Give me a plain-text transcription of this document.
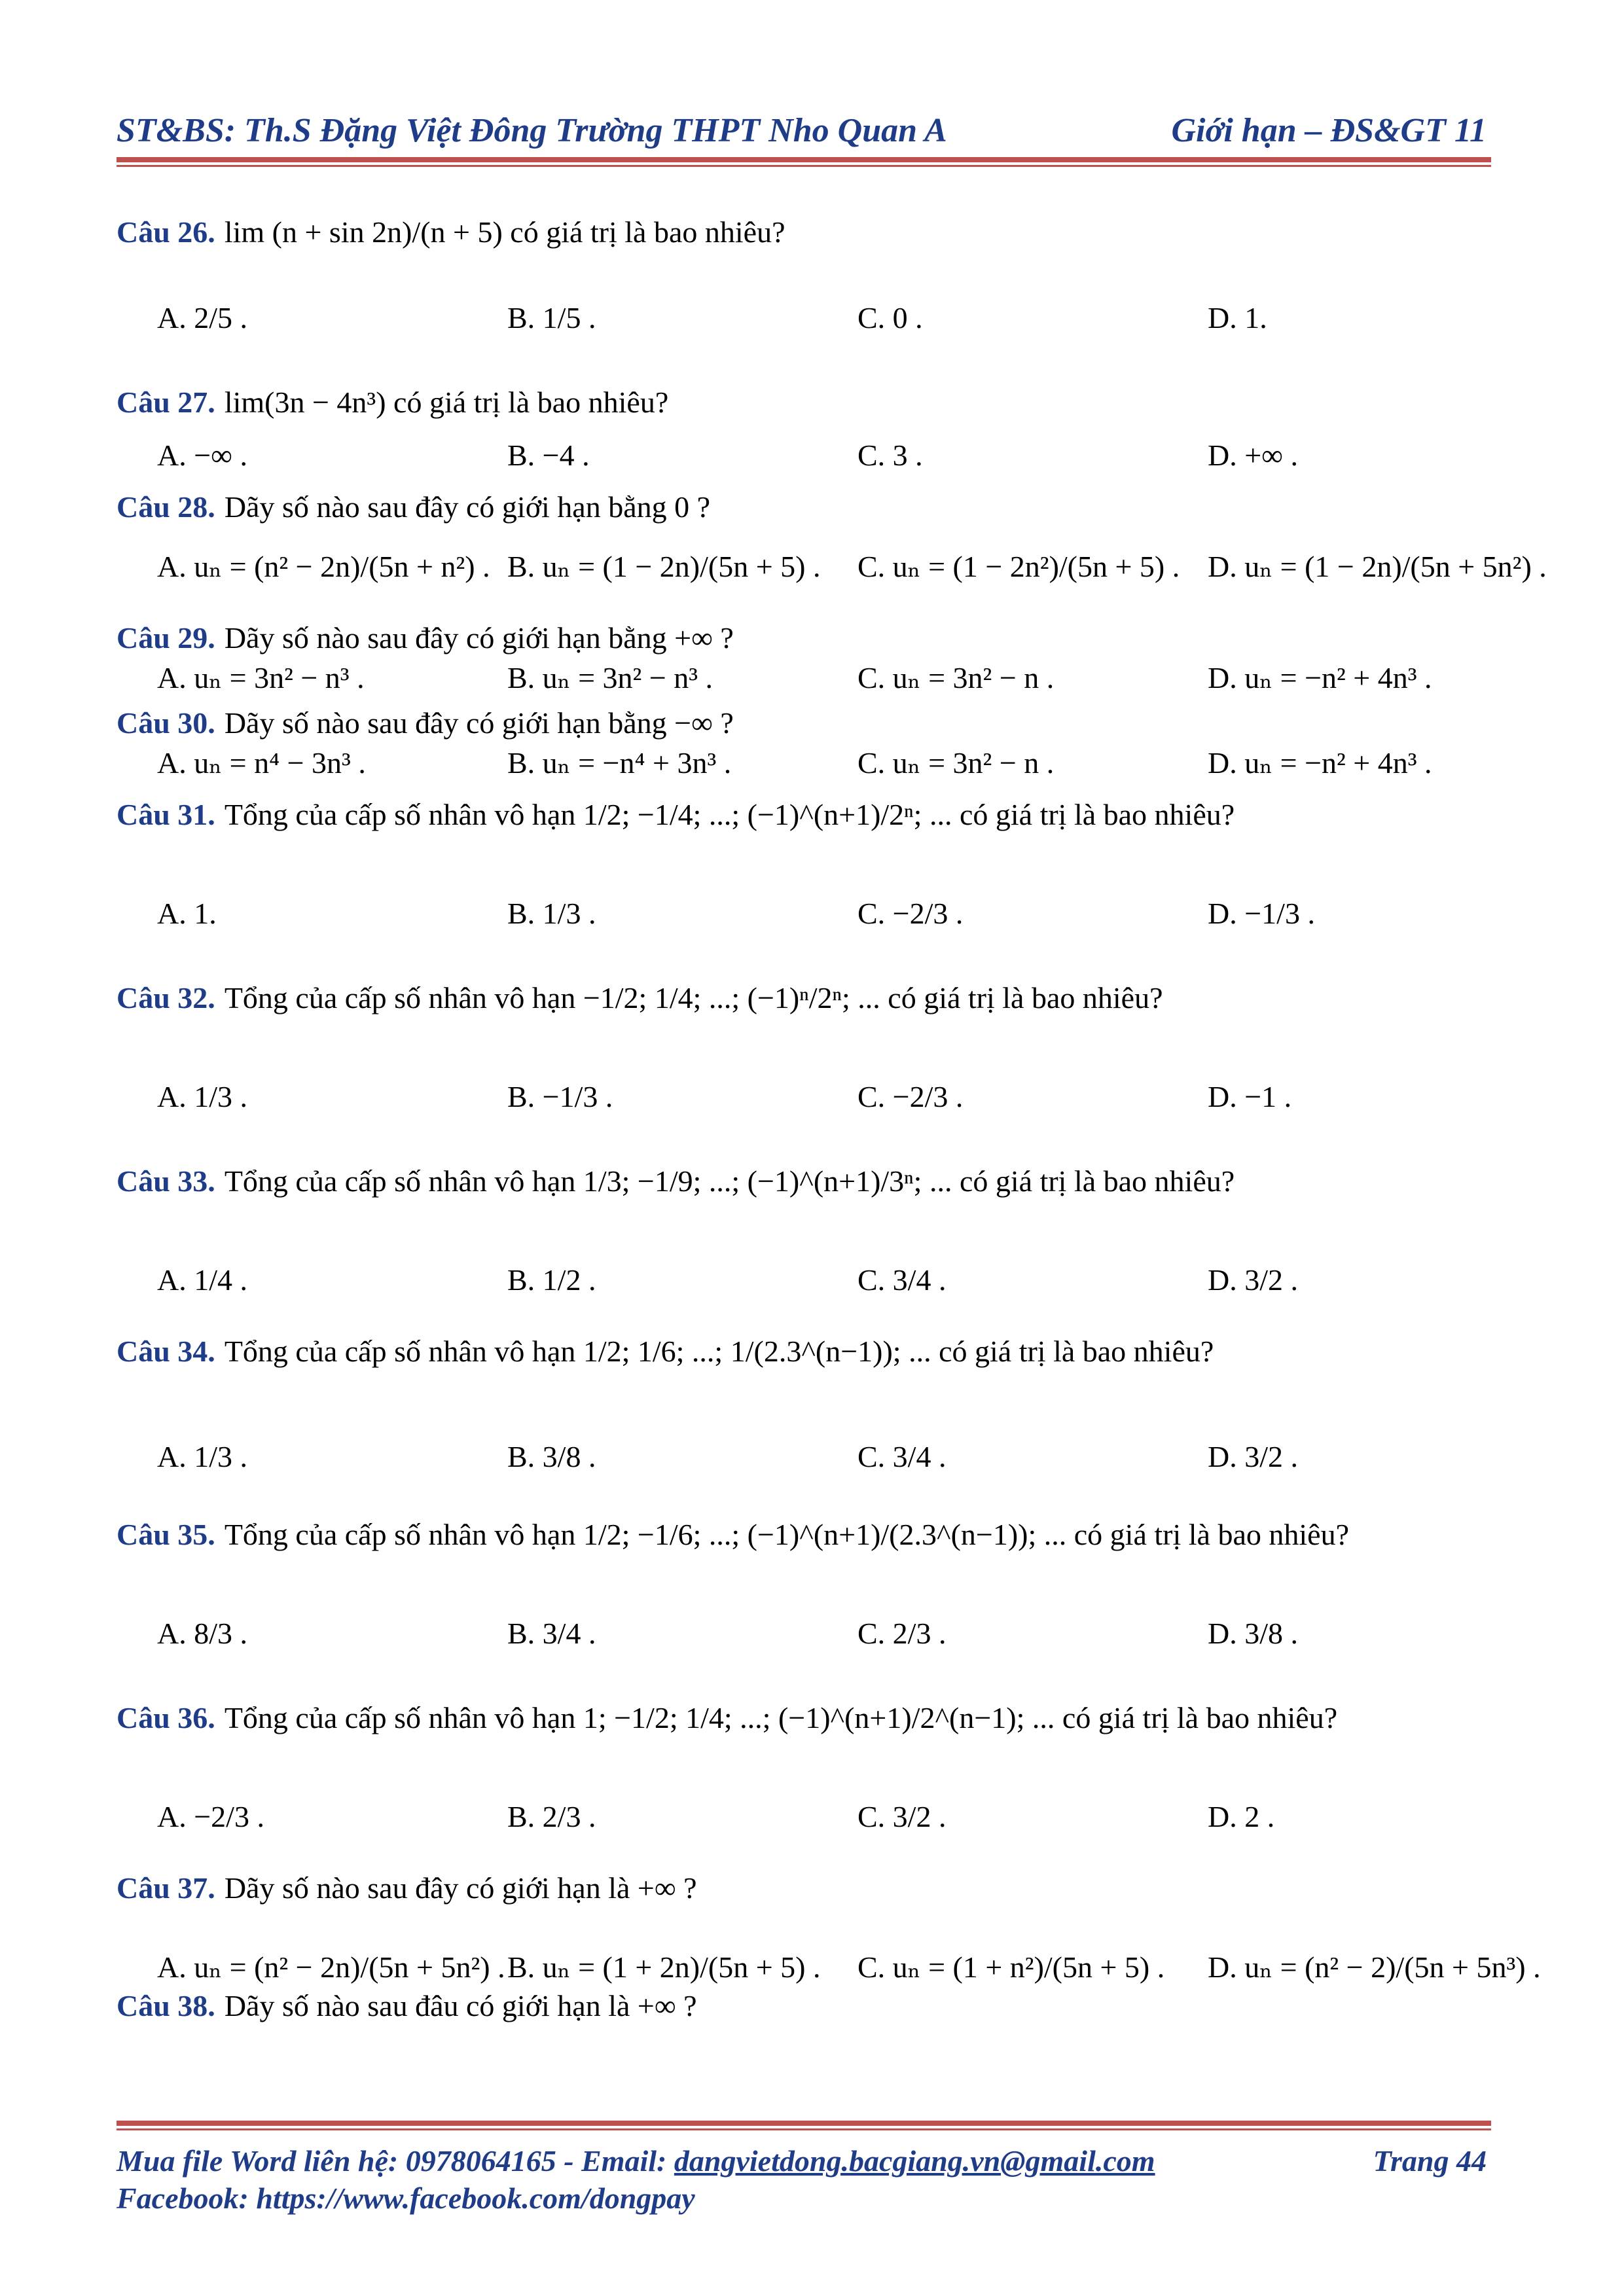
ST&BS: Th.S Đặng Việt Đông Trường THPT Nho Quan A	Giới hạn – ĐS&GT 11
Câu 26. lim (n + sin 2n)/(n + 5) có giá trị là bao nhiêu?
A. 2/5 .	B. 1/5 .	C. 0 .	D. 1.
Câu 27. lim(3n − 4n³) có giá trị là bao nhiêu?
A. −∞ .	B. −4 .	C. 3 .	D. +∞ .
Câu 28. Dãy số nào sau đây có giới hạn bằng 0 ?
A. uₙ = (n² − 2n)/(5n + n²) . B. uₙ = (1 − 2n)/(5n + 5) . C. uₙ = (1 − 2n²)/(5n + 5) . D. uₙ = (1 − 2n)/(5n + 5n²) .
Câu 29. Dãy số nào sau đây có giới hạn bằng +∞ ?
A. uₙ = 3n² − n³ .	B. uₙ = 3n² − n³ .	C. uₙ = 3n² − n .	D. uₙ = −n² + 4n³ .
Câu 30. Dãy số nào sau đây có giới hạn bằng −∞ ?
A. uₙ = n⁴ − 3n³ .	B. uₙ = −n⁴ + 3n³ .	C. uₙ = 3n² − n .	D. uₙ = −n² + 4n³ .
Câu 31. Tổng của cấp số nhân vô hạn 1/2; −1/4; ...; (−1)^(n+1)/2ⁿ; ... có giá trị là bao nhiêu?
A. 1.	B. 1/3 .	C. −2/3 .	D. −1/3 .
Câu 32. Tổng của cấp số nhân vô hạn −1/2; 1/4; ...; (−1)ⁿ/2ⁿ; ... có giá trị là bao nhiêu?
A. 1/3 .	B. −1/3 .	C. −2/3 .	D. −1 .
Câu 33. Tổng của cấp số nhân vô hạn 1/3; −1/9; ...; (−1)^(n+1)/3ⁿ; ... có giá trị là bao nhiêu?
A. 1/4 .	B. 1/2 .	C. 3/4 .	D. 3/2 .
Câu 34. Tổng của cấp số nhân vô hạn 1/2; 1/6; ...; 1/(2.3^(n−1)); ... có giá trị là bao nhiêu?
A. 1/3 .	B. 3/8 .	C. 3/4 .	D. 3/2 .
Câu 35. Tổng của cấp số nhân vô hạn 1/2; −1/6; ...; (−1)^(n+1)/(2.3^(n−1)); ... có giá trị là bao nhiêu?
A. 8/3 .	B. 3/4 .	C. 2/3 .	D. 3/8 .
Câu 36. Tổng của cấp số nhân vô hạn 1; −1/2; 1/4; ...; (−1)^(n+1)/2^(n−1); ... có giá trị là bao nhiêu?
A. −2/3 .	B. 2/3 .	C. 3/2 .	D. 2 .
Câu 37. Dãy số nào sau đây có giới hạn là +∞ ?
A. uₙ = (n² − 2n)/(5n + 5n²) . B. uₙ = (1 + 2n)/(5n + 5) . C. uₙ = (1 + n²)/(5n + 5) . D. uₙ = (n² − 2)/(5n + 5n³) .
Câu 38. Dãy số nào sau đâu có giới hạn là +∞ ?
Mua file Word liên hệ: 0978064165 - Email: dangvietdong.bacgiang.vn@gmail.com	Trang 44
Facebook: https://www.facebook.com/dongpay
